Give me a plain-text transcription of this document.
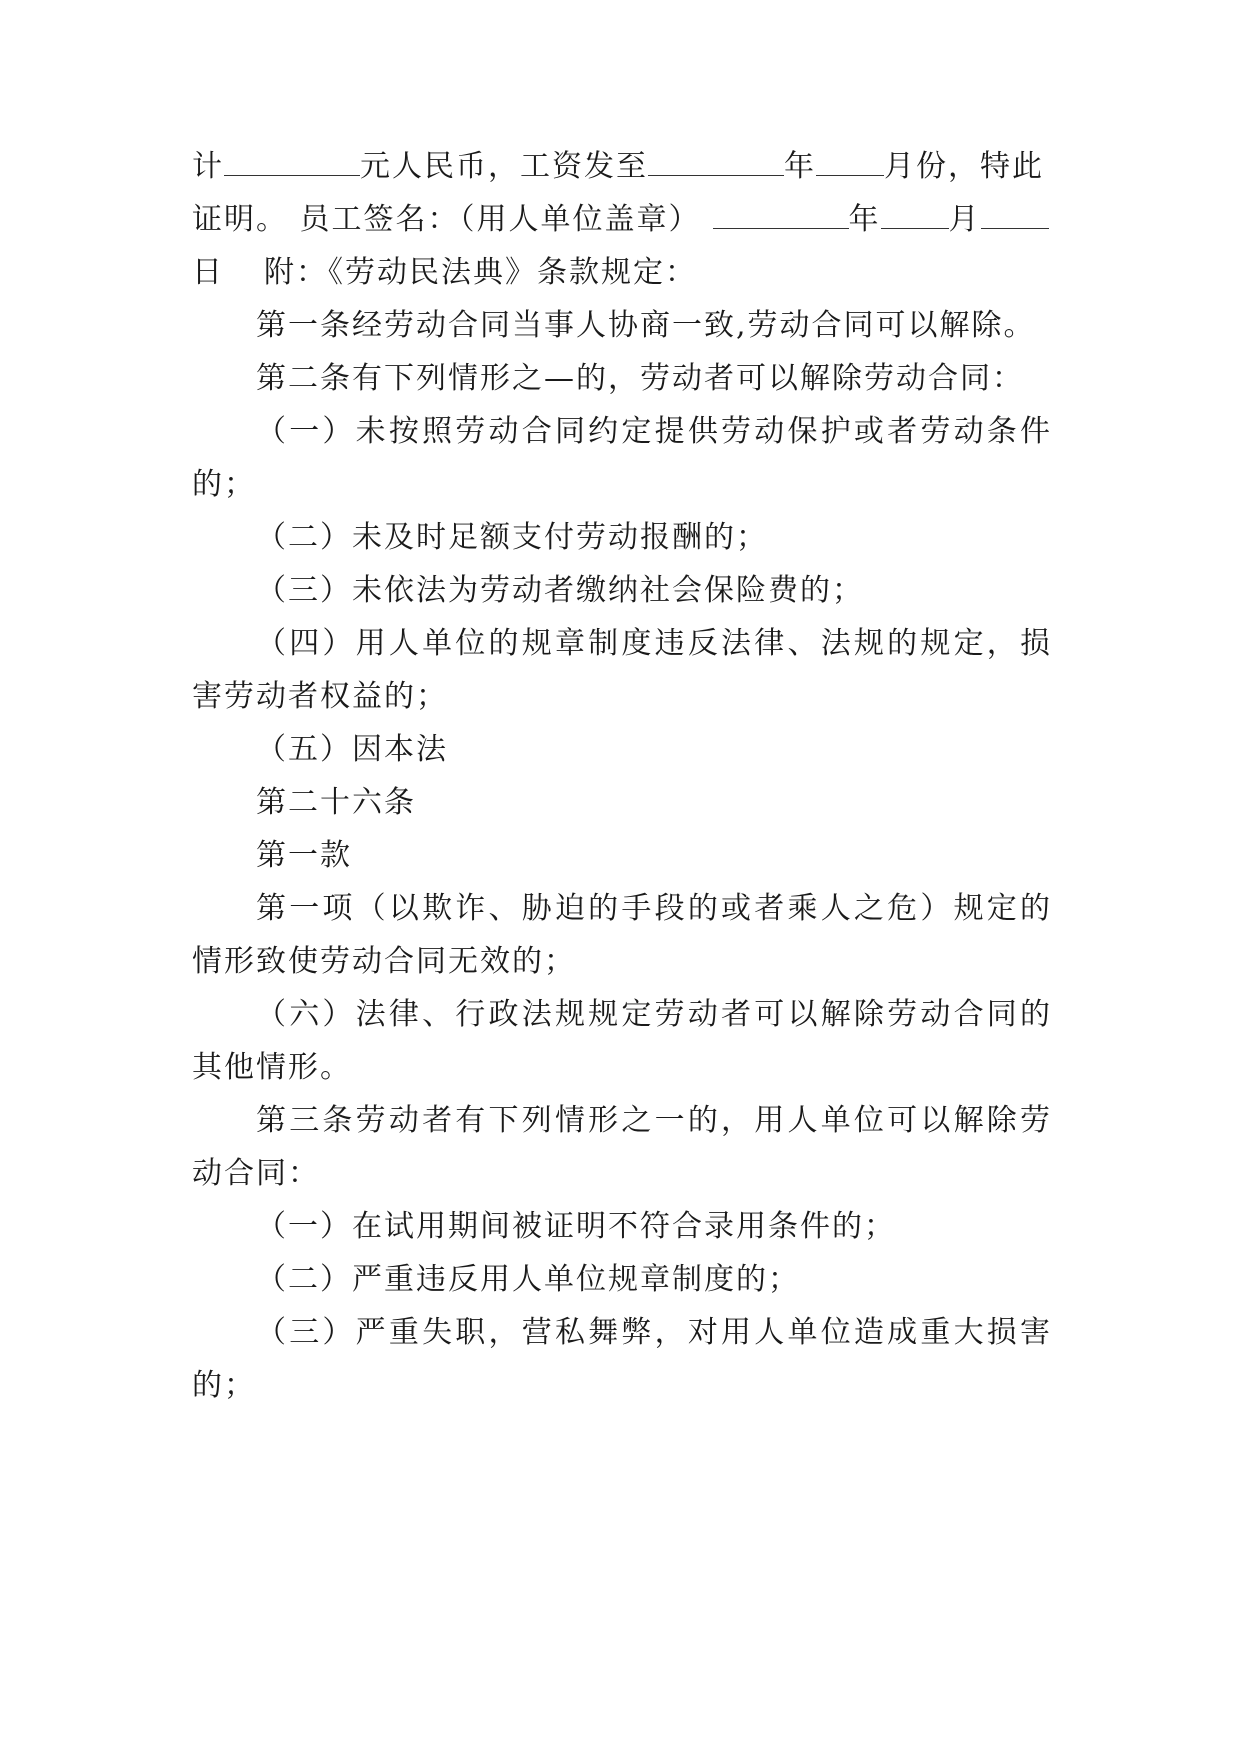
计	元人民币，工资发至	年 月份，特此
证明。 员工签名：（用人单位盖章）	年 月
日 附：《劳动民法典》条款规定：
第一条经劳动合同当事人协商一致,劳动合同可以解除。
第二条有下列情形之—的，劳动者可以解除劳动合同：
（一）未按照劳动合同约定提供劳动保护或者劳动条件
的；
（二）未及时足额支付劳动报酬的；
（三）未依法为劳动者缴纳社会保险费的；
（四）用人单位的规章制度违反法律、法规的规定，损
害劳动者权益的；
（五）因本法
第二十六条
第一款
第一项（以欺诈、胁迫的手段的或者乘人之危）规定的
情形致使劳动合同无效的；
（六）法律、行政法规规定劳动者可以解除劳动合同的
其他情形。
第三条劳动者有下列情形之一的，用人单位可以解除劳
动合同：
（一）在试用期间被证明不符合录用条件的；
（二）严重违反用人单位规章制度的；
（三）严重失职，营私舞弊，对用人单位造成重大损害
的；
